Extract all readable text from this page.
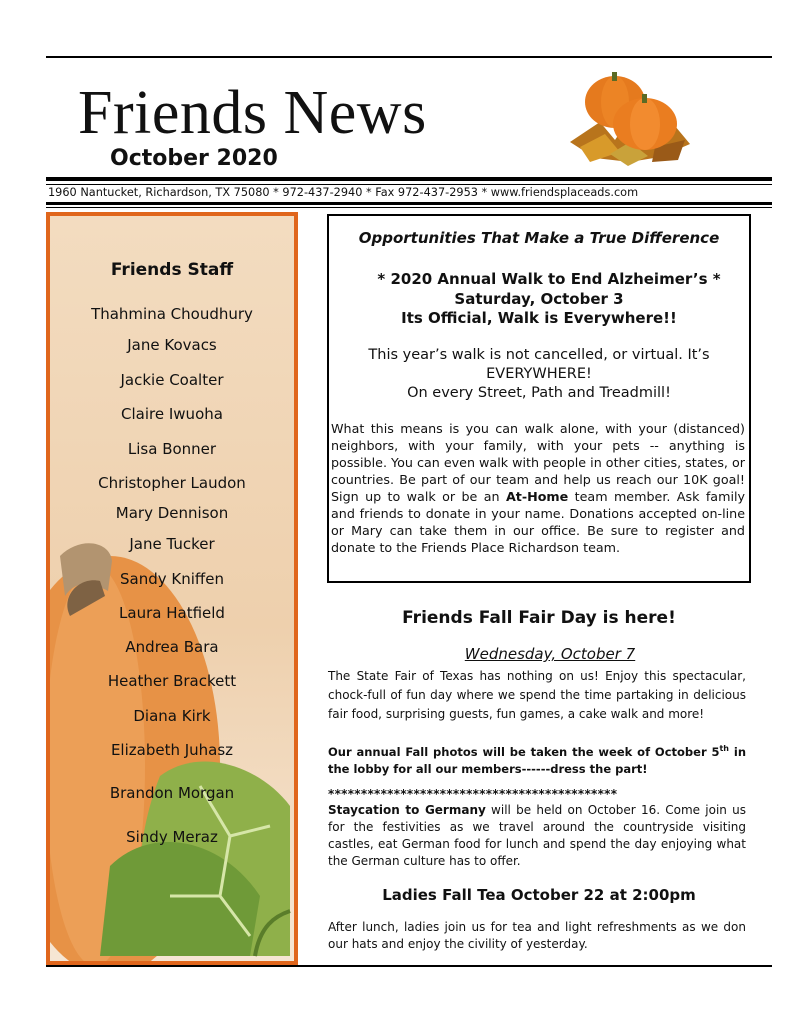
Friends News
October 2020
1960 Nantucket, Richardson, TX 75080 * 972-437-2940 * Fax 972-437-2953 * www.friendsplaceads.com
Friends Staff
Thahmina Choudhury
Jane Kovacs
Jackie Coalter
Claire Iwuoha
Lisa Bonner
Christopher Laudon
Mary Dennison
Jane Tucker
Sandy Kniffen
Laura Hatfield
Andrea Bara
Heather Brackett
Diana Kirk
Elizabeth Juhasz
Brandon Morgan
Sindy Meraz
Opportunities That Make a True Difference
* 2020 Annual Walk to End Alzheimer’s *
Saturday, October 3
Its Official, Walk is Everywhere!!
This year’s walk is not cancelled, or virtual. It’s
EVERYWHERE!
On every Street, Path and Treadmill!
What this means is you can walk alone, with your (distanced) neighbors, with your family, with your pets -- anything is possible. You can even walk with people in other cities, states, or countries. Be part of our team and help us reach our 10K goal! Sign up to walk or be an At-Home team member. Ask family and friends to donate in your name. Donations accepted on-line or Mary can take them in our office. Be sure to register and donate to the Friends Place Richardson team.
Friends Fall Fair Day is here!
Wednesday, October 7
The State Fair of Texas has nothing on us! Enjoy this spectacular, chock-full of fun day where we spend the time partaking in delicious fair food, surprising guests, fun games, a cake walk and more!
Our annual Fall photos will be taken the week of October 5th in the lobby for all our members------dress the part!
********************************************
Staycation to Germany will be held on October 16. Come join us for the festivities as we travel around the countryside visiting castles, eat German food for lunch and spend the day enjoying what the German culture has to offer.
Ladies Fall Tea October 22 at 2:00pm
After lunch, ladies join us for tea and light refreshments as we don our hats and enjoy the civility of yesterday.
